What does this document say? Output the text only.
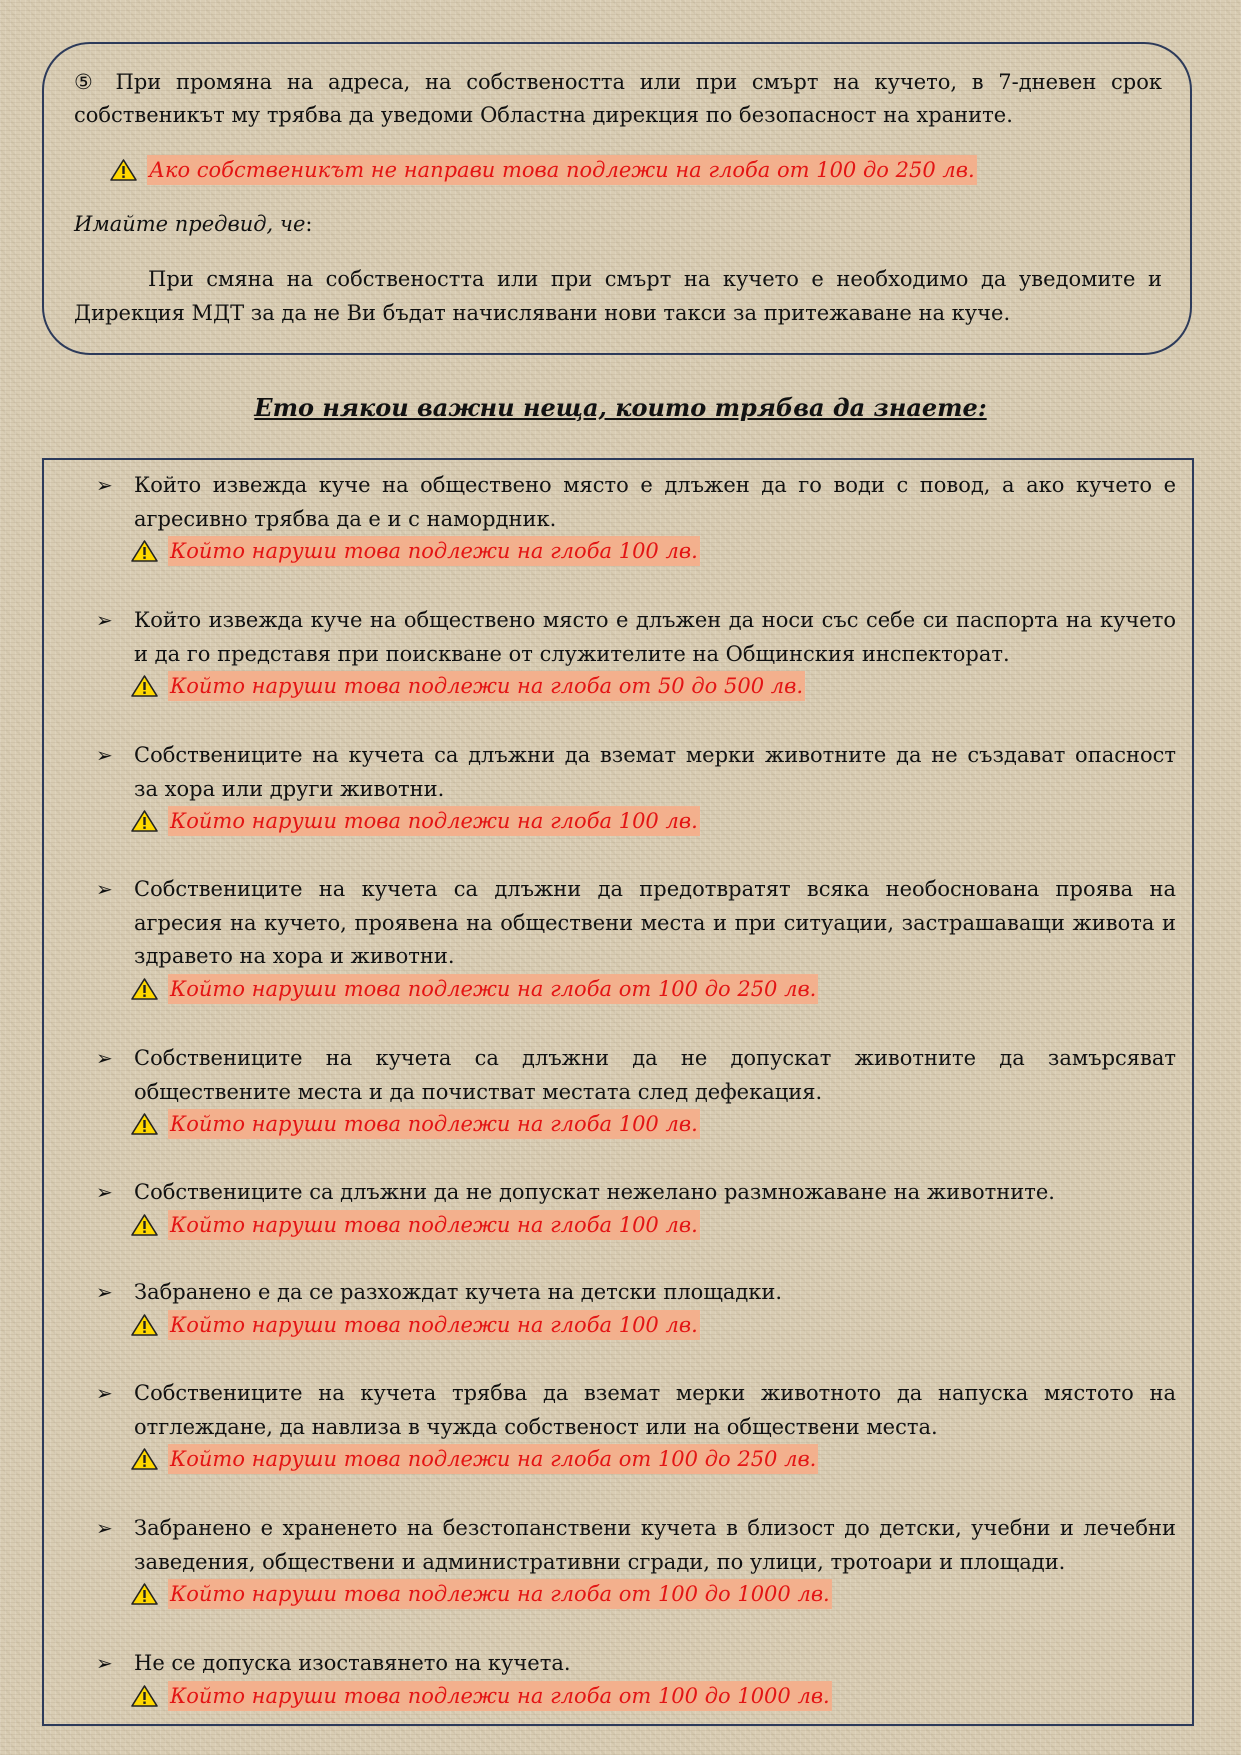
⑤ При промяна на адреса, на собствеността или при смърт на кучето, в 7-дневен срок
собственикът му трябва да уведоми Областна дирекция по безопасност на храните.
Ако собственикът не направи това подлежи на глоба от 100 до 250 лв.
Имайте предвид, че:
При смяна на собствеността или при смърт на кучето е необходимо да уведомите и
Дирекция МДТ за да не Ви бъдат начислявани нови такси за притежаване на куче.
Ето някои важни неща, които трябва да знаете:
➢ Който извежда куче на обществено място е длъжен да го води с повод, а ако кучето е
агресивно трябва да е и с намордник.
Който наруши това подлежи на глоба 100 лв.
➢ Който извежда куче на обществено място е длъжен да носи със себе си паспорта на кучето
и да го представя при поискване от служителите на Общинския инспекторат.
Който наруши това подлежи на глоба от 50 до 500 лв.
➢ Собствениците на кучета са длъжни да вземат мерки животните да не създават опасност
за хора или други животни.
Който наруши това подлежи на глоба 100 лв.
➢ Собствениците на кучета са длъжни да предотвратят всяка необоснована проява на
агресия на кучето, проявена на обществени места и при ситуации, застрашаващи живота и
здравето на хора и животни.
Който наруши това подлежи на глоба от 100 до 250 лв.
➢ Собствениците на кучета са длъжни да не допускат животните да замърсяват
обществените места и да почистват местата след дефекация.
Който наруши това подлежи на глоба 100 лв.
➢ Собствениците са длъжни да не допускат нежелано размножаване на животните.
Който наруши това подлежи на глоба 100 лв.
➢ Забранено е да се разхождат кучета на детски площадки.
Който наруши това подлежи на глоба 100 лв.
➢ Собствениците на кучета трябва да вземат мерки животното да напуска мястото на
отглеждане, да навлиза в чужда собственост или на обществени места.
Който наруши това подлежи на глоба от 100 до 250 лв.
➢ Забранено е храненето на безстопанствени кучета в близост до детски, учебни и лечебни
заведения, обществени и административни сгради, по улици, тротоари и площади.
Който наруши това подлежи на глоба от 100 до 1000 лв.
➢ Не се допуска изоставянето на кучета.
Който наруши това подлежи на глоба от 100 до 1000 лв.
